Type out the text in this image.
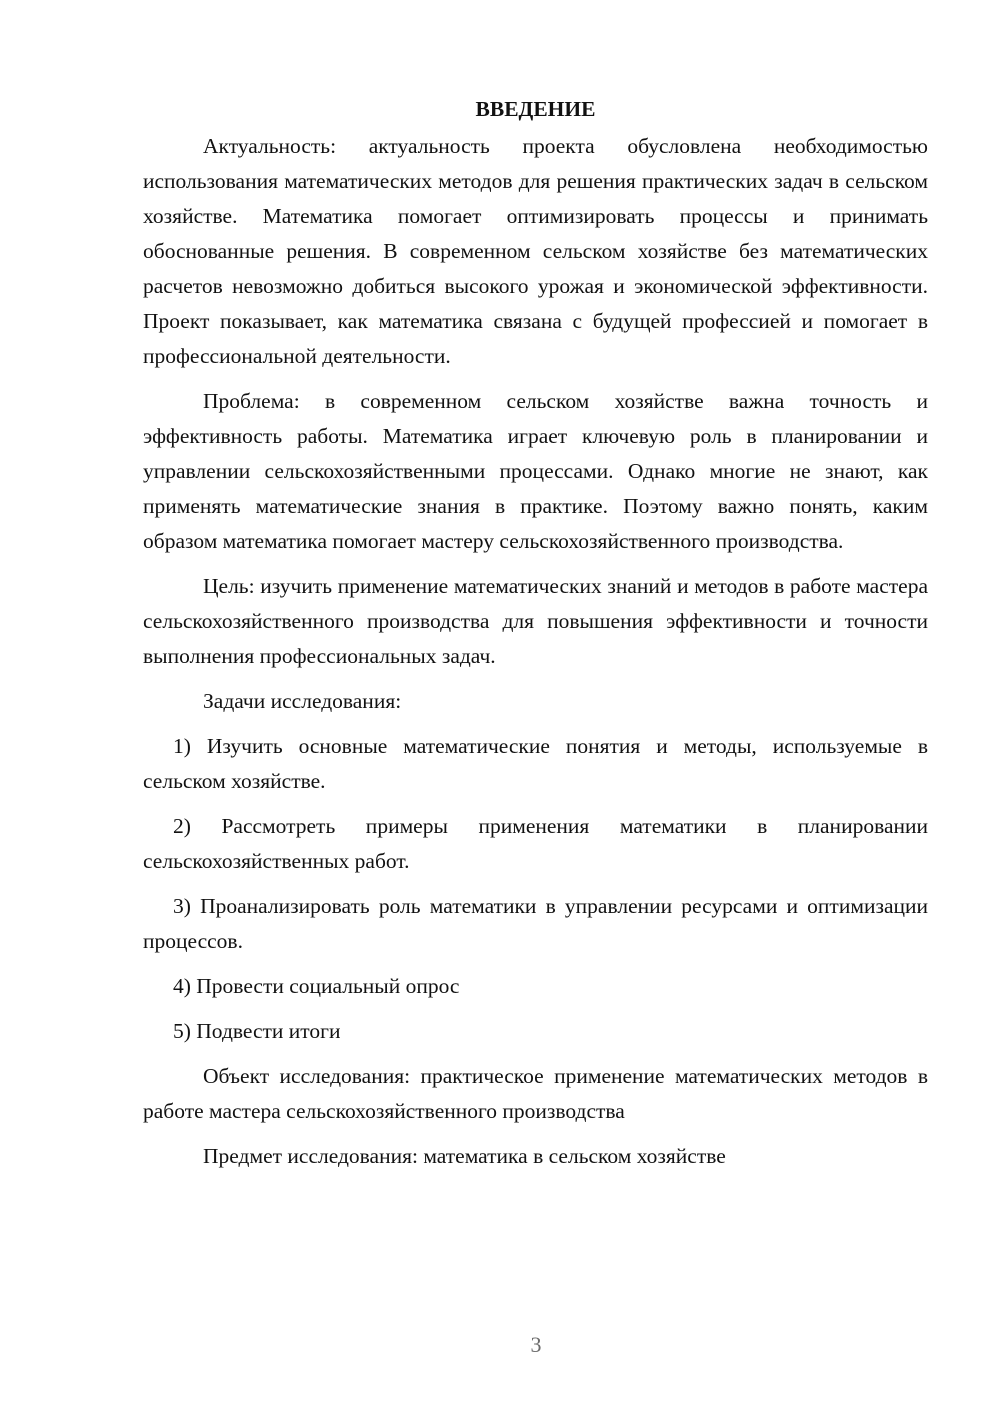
ВВЕДЕНИЕ

Актуальность: актуальность проекта обусловлена необходимостью использования математических методов для решения практических задач в сельском хозяйстве. Математика помогает оптимизировать процессы и принимать обоснованные решения. В современном сельском хозяйстве без математических расчетов невозможно добиться высокого урожая и экономической эффективности. Проект показывает, как математика связана с будущей профессией и помогает в профессиональной деятельности.

Проблема: в современном сельском хозяйстве важна точность и эффективность работы. Математика играет ключевую роль в планировании и управлении сельскохозяйственными процессами. Однако многие не знают, как применять математические знания в практике. Поэтому важно понять, каким образом математика помогает мастеру сельскохозяйственного производства.

Цель: изучить применение математических знаний и методов в работе мастера сельскохозяйственного производства для повышения эффективности и точности выполнения профессиональных задач.

Задачи исследования:

1) Изучить основные математические понятия и методы, используемые в сельском хозяйстве.

2) Рассмотреть примеры применения математики в планировании сельскохозяйственных работ.

3) Проанализировать роль математики в управлении ресурсами и оптимизации процессов.

4) Провести социальный опрос

5) Подвести итоги

Объект исследования: практическое применение математических методов в работе мастера сельскохозяйственного производства

Предмет исследования: математика в сельском хозяйстве

3
